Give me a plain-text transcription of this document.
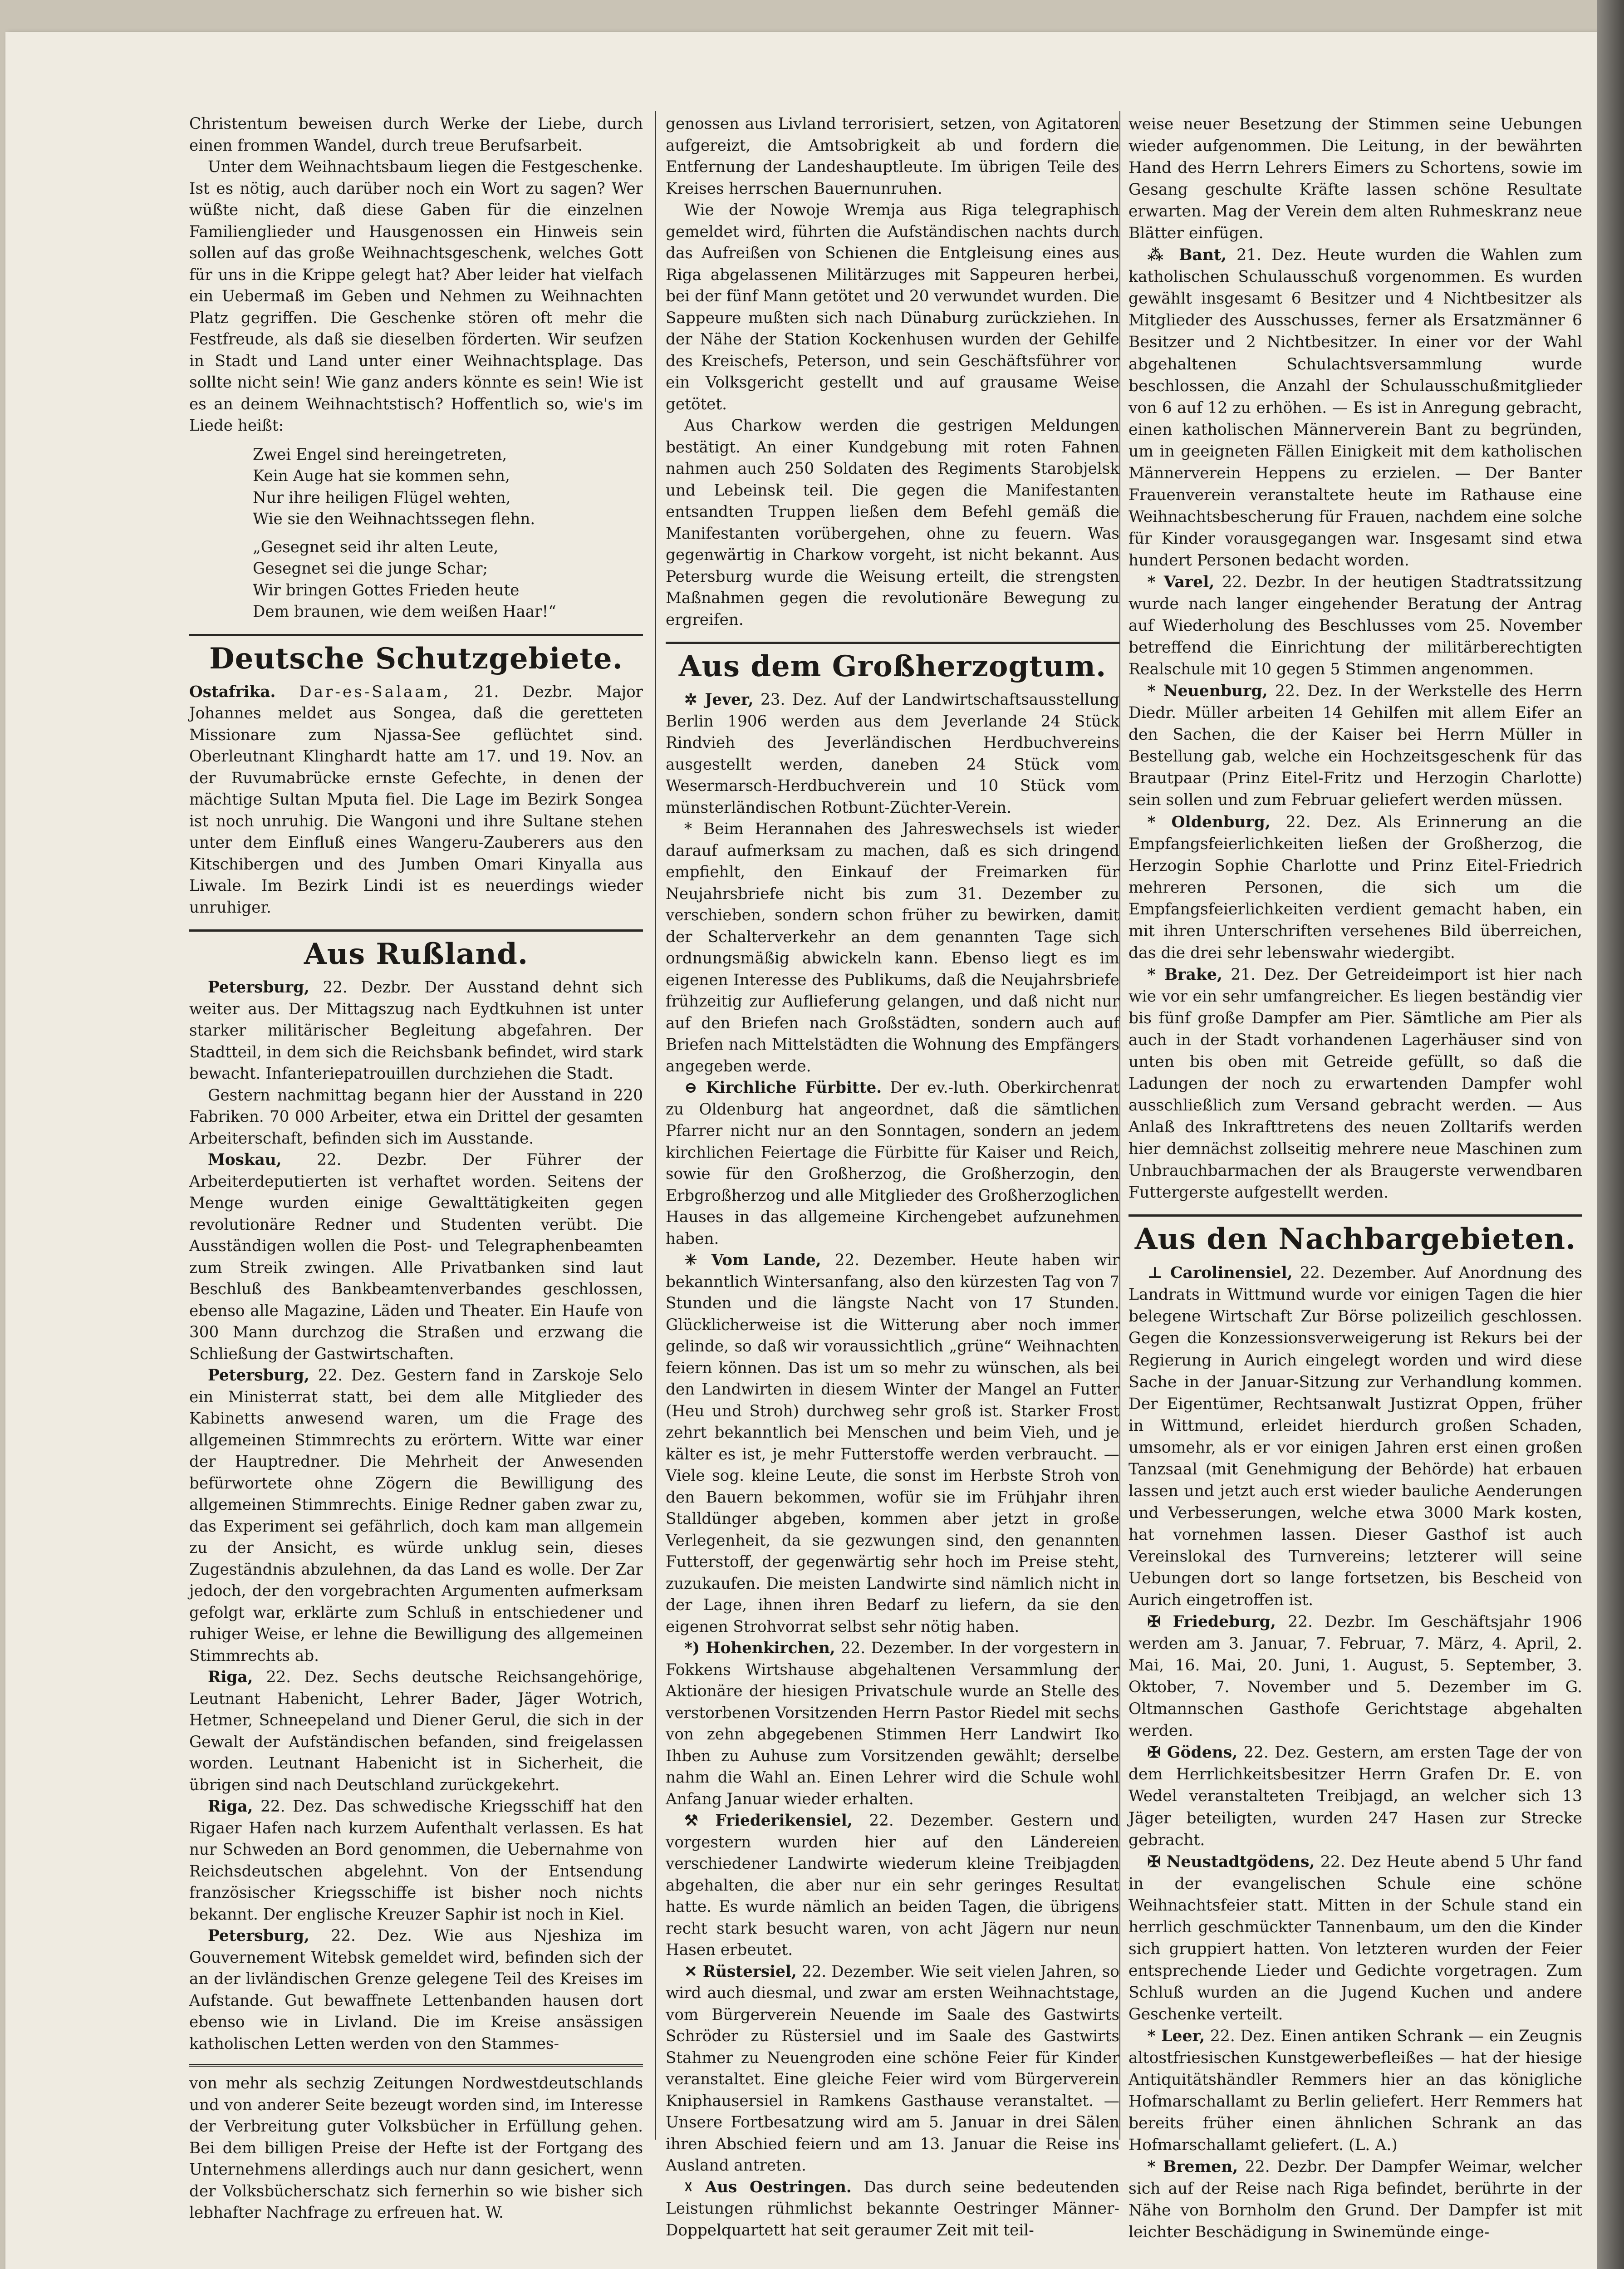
Christentum beweisen durch Werke der Liebe, durch einen frommen Wandel, durch treue Berufsarbeit.

Unter dem Weihnachtsbaum liegen die Festgeschenke. Ist es nötig, auch darüber noch ein Wort zu sagen? Wer wüßte nicht, daß diese Gaben für die einzelnen Familienglieder und Hausgenossen ein Hinweis sein sollen auf das große Weihnachtsgeschenk, welches Gott für uns in die Krippe gelegt hat? Aber leider hat vielfach ein Uebermaß im Geben und Nehmen zu Weihnachten Platz gegriffen. Die Geschenke stören oft mehr die Festfreude, als daß sie dieselben förderten. Wir seufzen in Stadt und Land unter einer Weihnachtsplage. Das sollte nicht sein! Wie ganz anders könnte es sein! Wie ist es an deinem Weihnachtstisch? Hoffentlich so, wie's im Liede heißt:

Zwei Engel sind hereingetreten,
Kein Auge hat sie kommen sehn,
Nur ihre heiligen Flügel wehten,
Wie sie den Weihnachtssegen flehn.
„Gesegnet seid ihr alten Leute,
Gesegnet sei die junge Schar;
Wir bringen Gottes Frieden heute
Dem braunen, wie dem weißen Haar!“
Deutsche Schutzgebiete.

Ostafrika. Dar-es-Salaam, 21. Dezbr. Major Johannes meldet aus Songea, daß die geretteten Missionare zum Njassa-See geflüchtet sind. Oberleutnant Klinghardt hatte am 17. und 19. Nov. an der Ruvumabrücke ernste Gefechte, in denen der mächtige Sultan Mputa fiel. Die Lage im Bezirk Songea ist noch unruhig. Die Wangoni und ihre Sultane stehen unter dem Einfluß eines Wangeru-Zauberers aus den Kitschibergen und des Jumben Omari Kinyalla aus Liwale. Im Bezirk Lindi ist es neuerdings wieder unruhiger.

Aus Rußland.

Petersburg, 22. Dezbr. Der Ausstand dehnt sich weiter aus. Der Mittagszug nach Eydtkuhnen ist unter starker militärischer Begleitung abgefahren. Der Stadtteil, in dem sich die Reichsbank befindet, wird stark bewacht. Infanteriepatrouillen durchziehen die Stadt.

Gestern nachmittag begann hier der Ausstand in 220 Fabriken. 70 000 Arbeiter, etwa ein Drittel der gesamten Arbeiterschaft, befinden sich im Ausstande.

Moskau, 22. Dezbr. Der Führer der Arbeiterdeputierten ist verhaftet worden. Seitens der Menge wurden einige Gewalttätigkeiten gegen revolutionäre Redner und Studenten verübt. Die Ausständigen wollen die Post- und Telegraphenbeamten zum Streik zwingen. Alle Privatbanken sind laut Beschluß des Bankbeamtenverbandes geschlossen, ebenso alle Magazine, Läden und Theater. Ein Haufe von 300 Mann durchzog die Straßen und erzwang die Schließung der Gastwirtschaften.

Petersburg, 22. Dez. Gestern fand in Zarskoje Selo ein Ministerrat statt, bei dem alle Mitglieder des Kabinetts anwesend waren, um die Frage des allgemeinen Stimmrechts zu erörtern. Witte war einer der Hauptredner. Die Mehrheit der Anwesenden befürwortete ohne Zögern die Bewilligung des allgemeinen Stimmrechts. Einige Redner gaben zwar zu, das Experiment sei gefährlich, doch kam man allgemein zu der Ansicht, es würde unklug sein, dieses Zugeständnis abzulehnen, da das Land es wolle. Der Zar jedoch, der den vorgebrachten Argumenten aufmerksam gefolgt war, erklärte zum Schluß in entschiedener und ruhiger Weise, er lehne die Bewilligung des allgemeinen Stimmrechts ab.

Riga, 22. Dez. Sechs deutsche Reichsangehörige, Leutnant Habenicht, Lehrer Bader, Jäger Wotrich, Hetmer, Schneepeland und Diener Gerul, die sich in der Gewalt der Aufständischen befanden, sind freigelassen worden. Leutnant Habenicht ist in Sicherheit, die übrigen sind nach Deutschland zurückgekehrt.

Riga, 22. Dez. Das schwedische Kriegsschiff hat den Rigaer Hafen nach kurzem Aufenthalt verlassen. Es hat nur Schweden an Bord genommen, die Uebernahme von Reichsdeutschen abgelehnt. Von der Entsendung französischer Kriegsschiffe ist bisher noch nichts bekannt. Der englische Kreuzer Saphir ist noch in Kiel.

Petersburg, 22. Dez. Wie aus Njeshiza im Gouvernement Witebsk gemeldet wird, befinden sich der an der livländischen Grenze gelegene Teil des Kreises im Aufstande. Gut bewaffnete Lettenbanden hausen dort ebenso wie in Livland. Die im Kreise ansässigen katholischen Letten werden von den Stammes-

von mehr als sechzig Zeitungen Nordwestdeutschlands und von anderer Seite bezeugt worden sind, im Interesse der Verbreitung guter Volksbücher in Erfüllung gehen. Bei dem billigen Preise der Hefte ist der Fortgang des Unternehmens allerdings auch nur dann gesichert, wenn der Volksbücherschatz sich fernerhin so wie bisher sich lebhafter Nachfrage zu erfreuen hat. W.

genossen aus Livland terrorisiert, setzen, von Agitatoren aufgereizt, die Amtsobrigkeit ab und fordern die Entfernung der Landeshauptleute. Im übrigen Teile des Kreises herrschen Bauernunruhen.

Wie der Nowoje Wremja aus Riga telegraphisch gemeldet wird, führten die Aufständischen nachts durch das Aufreißen von Schienen die Entgleisung eines aus Riga abgelassenen Militärzuges mit Sappeuren herbei, bei der fünf Mann getötet und 20 verwundet wurden. Die Sappeure mußten sich nach Dünaburg zurückziehen. In der Nähe der Station Kockenhusen wurden der Gehilfe des Kreischefs, Peterson, und sein Geschäftsführer vor ein Volksgericht gestellt und auf grausame Weise getötet.

Aus Charkow werden die gestrigen Meldungen bestätigt. An einer Kundgebung mit roten Fahnen nahmen auch 250 Soldaten des Regiments Starobjelsk und Lebeinsk teil. Die gegen die Manifestanten entsandten Truppen ließen dem Befehl gemäß die Manifestanten vorübergehen, ohne zu feuern. Was gegenwärtig in Charkow vorgeht, ist nicht bekannt. Aus Petersburg wurde die Weisung erteilt, die strengsten Maßnahmen gegen die revolutionäre Bewegung zu ergreifen.

Aus dem Großherzogtum.

✲ Jever, 23. Dez. Auf der Landwirtschaftsausstellung Berlin 1906 werden aus dem Jeverlande 24 Stück Rindvieh des Jeverländischen Herdbuchvereins ausgestellt werden, daneben 24 Stück vom Wesermarsch-Herdbuchverein und 10 Stück vom münsterländischen Rotbunt-Züchter-Verein.

* Beim Herannahen des Jahreswechsels ist wieder darauf aufmerksam zu machen, daß es sich dringend empfiehlt, den Einkauf der Freimarken für Neujahrsbriefe nicht bis zum 31. Dezember zu verschieben, sondern schon früher zu bewirken, damit der Schalterverkehr an dem genannten Tage sich ordnungsmäßig abwickeln kann. Ebenso liegt es im eigenen Interesse des Publikums, daß die Neujahrsbriefe frühzeitig zur Auflieferung gelangen, und daß nicht nur auf den Briefen nach Großstädten, sondern auch auf Briefen nach Mittelstädten die Wohnung des Empfängers angegeben werde.

⊖ Kirchliche Fürbitte. Der ev.-luth. Oberkirchenrat zu Oldenburg hat angeordnet, daß die sämtlichen Pfarrer nicht nur an den Sonntagen, sondern an jedem kirchlichen Feiertage die Fürbitte für Kaiser und Reich, sowie für den Großherzog, die Großherzogin, den Erbgroßherzog und alle Mitglieder des Großherzoglichen Hauses in das allgemeine Kirchengebet aufzunehmen haben.

✳ Vom Lande, 22. Dezember. Heute haben wir bekanntlich Wintersanfang, also den kürzesten Tag von 7 Stunden und die längste Nacht von 17 Stunden. Glücklicherweise ist die Witterung aber noch immer gelinde, so daß wir voraussichtlich „grüne“ Weihnachten feiern können. Das ist um so mehr zu wünschen, als bei den Landwirten in diesem Winter der Mangel an Futter (Heu und Stroh) durchweg sehr groß ist. Starker Frost zehrt bekanntlich bei Menschen und beim Vieh, und je kälter es ist, je mehr Futterstoffe werden verbraucht. — Viele sog. kleine Leute, die sonst im Herbste Stroh von den Bauern bekommen, wofür sie im Frühjahr ihren Stalldünger abgeben, kommen aber jetzt in große Verlegenheit, da sie gezwungen sind, den genannten Futterstoff, der gegenwärtig sehr hoch im Preise steht, zuzukaufen. Die meisten Landwirte sind nämlich nicht in der Lage, ihnen ihren Bedarf zu liefern, da sie den eigenen Strohvorrat selbst sehr nötig haben.

*) Hohenkirchen, 22. Dezember. In der vorgestern in Fokkens Wirtshause abgehaltenen Versammlung der Aktionäre der hiesigen Privatschule wurde an Stelle des verstorbenen Vorsitzenden Herrn Pastor Riedel mit sechs von zehn abgegebenen Stimmen Herr Landwirt Iko Ihben zu Auhuse zum Vorsitzenden gewählt; derselbe nahm die Wahl an. Einen Lehrer wird die Schule wohl Anfang Januar wieder erhalten.

⚒ Friederikensiel, 22. Dezember. Gestern und vorgestern wurden hier auf den Ländereien verschiedener Landwirte wiederum kleine Treibjagden abgehalten, die aber nur ein sehr geringes Resultat hatte. Es wurde nämlich an beiden Tagen, die übrigens recht stark besucht waren, von acht Jägern nur neun Hasen erbeutet.

✕ Rüstersiel, 22. Dezember. Wie seit vielen Jahren, so wird auch diesmal, und zwar am ersten Weihnachtstage, vom Bürgerverein Neuende im Saale des Gastwirts Schröder zu Rüstersiel und im Saale des Gastwirts Stahmer zu Neuengroden eine schöne Feier für Kinder veranstaltet. Eine gleiche Feier wird vom Bürgerverein Kniphausersiel in Ramkens Gasthause veranstaltet. — Unsere Fortbesatzung wird am 5. Januar in drei Sälen ihren Abschied feiern und am 13. Januar die Reise ins Ausland antreten.

☓ Aus Oestringen. Das durch seine bedeutenden Leistungen rühmlichst bekannte Oestringer Männer-Doppelquartett hat seit geraumer Zeit mit teil-

weise neuer Besetzung der Stimmen seine Uebungen wieder aufgenommen. Die Leitung, in der bewährten Hand des Herrn Lehrers Eimers zu Schortens, sowie im Gesang geschulte Kräfte lassen schöne Resultate erwarten. Mag der Verein dem alten Ruhmeskranz neue Blätter einfügen.

⁂ Bant, 21. Dez. Heute wurden die Wahlen zum katholischen Schulausschuß vorgenommen. Es wurden gewählt insgesamt 6 Besitzer und 4 Nichtbesitzer als Mitglieder des Ausschusses, ferner als Ersatzmänner 6 Besitzer und 2 Nichtbesitzer. In einer vor der Wahl abgehaltenen Schulachtsversammlung wurde beschlossen, die Anzahl der Schulausschußmitglieder von 6 auf 12 zu erhöhen. — Es ist in Anregung gebracht, einen katholischen Männerverein Bant zu begründen, um in geeigneten Fällen Einigkeit mit dem katholischen Männerverein Heppens zu erzielen. — Der Banter Frauenverein veranstaltete heute im Rathause eine Weihnachtsbescherung für Frauen, nachdem eine solche für Kinder vorausgegangen war. Insgesamt sind etwa hundert Personen bedacht worden.

* Varel, 22. Dezbr. In der heutigen Stadtratssitzung wurde nach langer eingehender Beratung der Antrag auf Wiederholung des Beschlusses vom 25. November betreffend die Einrichtung der militärberechtigten Realschule mit 10 gegen 5 Stimmen angenommen.

* Neuenburg, 22. Dez. In der Werkstelle des Herrn Diedr. Müller arbeiten 14 Gehilfen mit allem Eifer an den Sachen, die der Kaiser bei Herrn Müller in Bestellung gab, welche ein Hochzeitsgeschenk für das Brautpaar (Prinz Eitel-Fritz und Herzogin Charlotte) sein sollen und zum Februar geliefert werden müssen.

* Oldenburg, 22. Dez. Als Erinnerung an die Empfangsfeierlichkeiten ließen der Großherzog, die Herzogin Sophie Charlotte und Prinz Eitel-Friedrich mehreren Personen, die sich um die Empfangsfeierlichkeiten verdient gemacht haben, ein mit ihren Unterschriften versehenes Bild überreichen, das die drei sehr lebenswahr wiedergibt.

* Brake, 21. Dez. Der Getreideimport ist hier nach wie vor ein sehr umfangreicher. Es liegen beständig vier bis fünf große Dampfer am Pier. Sämtliche am Pier als auch in der Stadt vorhandenen Lagerhäuser sind von unten bis oben mit Getreide gefüllt, so daß die Ladungen der noch zu erwartenden Dampfer wohl ausschließlich zum Versand gebracht werden. — Aus Anlaß des Inkrafttretens des neuen Zolltarifs werden hier demnächst zollseitig mehrere neue Maschinen zum Unbrauchbarmachen der als Braugerste verwendbaren Futtergerste aufgestellt werden.

Aus den Nachbargebieten.

⊥ Carolinensiel, 22. Dezember. Auf Anordnung des Landrats in Wittmund wurde vor einigen Tagen die hier belegene Wirtschaft Zur Börse polizeilich geschlossen. Gegen die Konzessionsverweigerung ist Rekurs bei der Regierung in Aurich eingelegt worden und wird diese Sache in der Januar-Sitzung zur Verhandlung kommen. Der Eigentümer, Rechtsanwalt Justizrat Oppen, früher in Wittmund, erleidet hierdurch großen Schaden, umsomehr, als er vor einigen Jahren erst einen großen Tanzsaal (mit Genehmigung der Behörde) hat erbauen lassen und jetzt auch erst wieder bauliche Aenderungen und Verbesserungen, welche etwa 3000 Mark kosten, hat vornehmen lassen. Dieser Gasthof ist auch Vereinslokal des Turnvereins; letzterer will seine Uebungen dort so lange fortsetzen, bis Bescheid von Aurich eingetroffen ist.

✠ Friedeburg, 22. Dezbr. Im Geschäftsjahr 1906 werden am 3. Januar, 7. Februar, 7. März, 4. April, 2. Mai, 16. Mai, 20. Juni, 1. August, 5. September, 3. Oktober, 7. November und 5. Dezember im G. Oltmannschen Gasthofe Gerichtstage abgehalten werden.

✠ Gödens, 22. Dez. Gestern, am ersten Tage der von dem Herrlichkeitsbesitzer Herrn Grafen Dr. E. von Wedel veranstalteten Treibjagd, an welcher sich 13 Jäger beteiligten, wurden 247 Hasen zur Strecke gebracht.

✠ Neustadtgödens, 22. Dez Heute abend 5 Uhr fand in der evangelischen Schule eine schöne Weihnachtsfeier statt. Mitten in der Schule stand ein herrlich geschmückter Tannenbaum, um den die Kinder sich gruppiert hatten. Von letzteren wurden der Feier entsprechende Lieder und Gedichte vorgetragen. Zum Schluß wurden an die Jugend Kuchen und andere Geschenke verteilt.

* Leer, 22. Dez. Einen antiken Schrank — ein Zeugnis altostfriesischen Kunstgewerbefleißes — hat der hiesige Antiquitätshändler Remmers hier an das königliche Hofmarschallamt zu Berlin geliefert. Herr Remmers hat bereits früher einen ähnlichen Schrank an das Hofmarschallamt geliefert. (L. A.)

* Bremen, 22. Dezbr. Der Dampfer Weimar, welcher sich auf der Reise nach Riga befindet, berührte in der Nähe von Bornholm den Grund. Der Dampfer ist mit leichter Beschädigung in Swinemünde einge-
